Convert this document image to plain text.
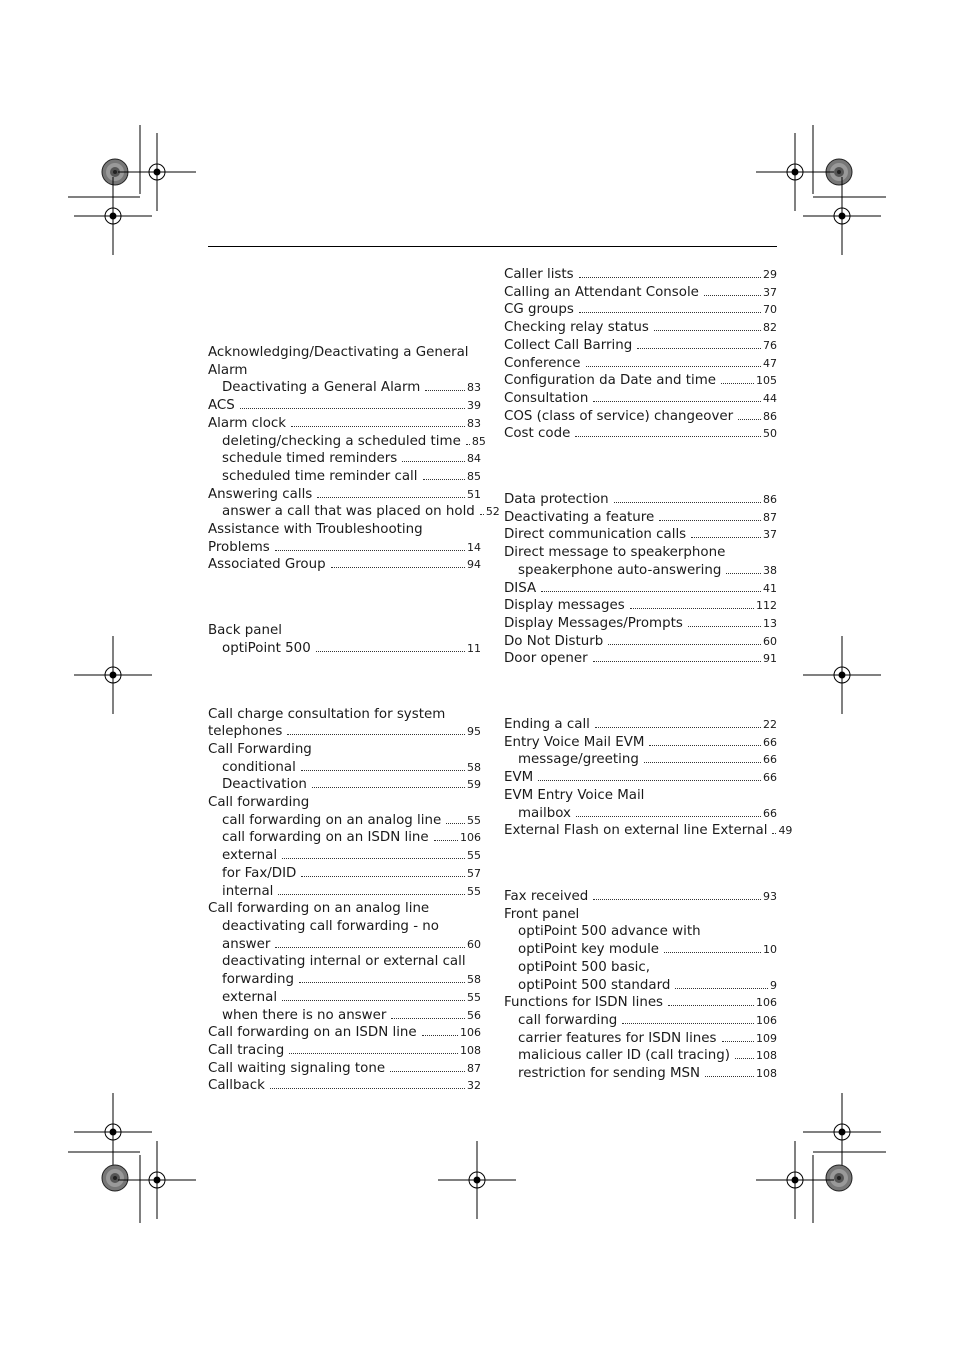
Acknowledging/Deactivating a General
Alarm
Deactivating a General Alarm	83
ACS	39
Alarm clock	83
deleting/checking a scheduled time 85
schedule timed reminders	84
scheduled time reminder call	85
Answering calls	51
answer a call that was placed on hold 52
Assistance with Troubleshooting
Problems	14
Associated Group	94
Back panel
optiPoint 500	11
Call charge consultation for system
telephones	95
Call Forwarding
conditional	58
Deactivation	59
Call forwarding
call forwarding on an analog line 55
call forwarding on an ISDN line	106
external	55
for Fax/DID	57
internal	55
Call forwarding on an analog line
deactivating call forwarding - no
answer	60
deactivating internal or external call
forwarding	58
external	55
when there is no answer	56
Call forwarding on an ISDN line	106
Call tracing	108
Call waiting signaling tone	87
Callback	32
Caller lists	29
Calling an Attendant Console	37
CG groups	70
Checking relay status	82
Collect Call Barring	76
Conference	47
Configuration da Date and time	105
Consultation	44
COS (class of service) changeover	86
Cost code	50
Data protection	86
Deactivating a feature	87
Direct communication calls	37
Direct message to speakerphone
speakerphone auto-answering	38
DISA	41
Display messages	112
Display Messages/Prompts	13
Do Not Disturb	60
Door opener	91
Ending a call	22
Entry Voice Mail EVM	66
message/greeting	66
EVM	66
EVM Entry Voice Mail
mailbox	66
External Flash on external line External 49
Fax received	93
Front panel
optiPoint 500 advance with
optiPoint key module	10
optiPoint 500 basic,
optiPoint 500 standard	9
Functions for ISDN lines	106
call forwarding	106
carrier features for ISDN lines	109
malicious caller ID (call tracing) 108
restriction for sending MSN	108
